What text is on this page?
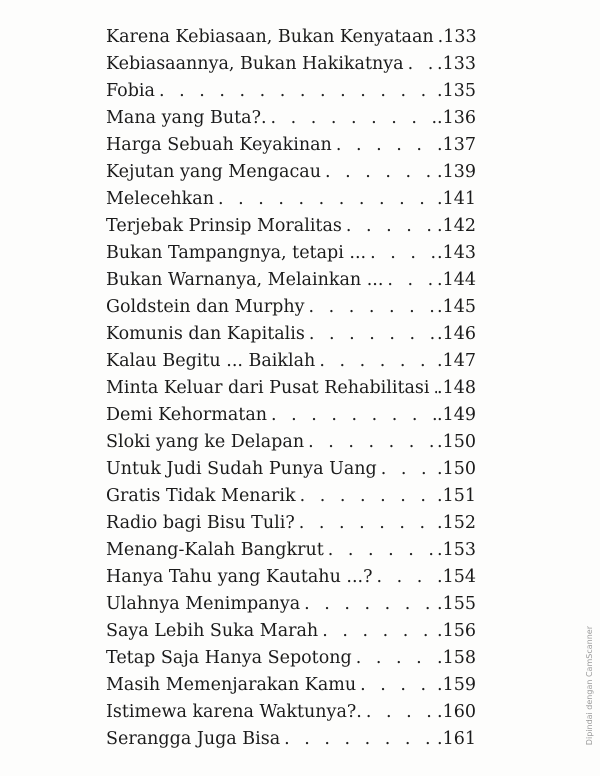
Karena Kebiasaan, Bukan Kenyataan . . . .133
Kebiasaannya, Bukan Hakikatnya . . . .133
Fobia . . .	.135
Mana yang Buta?. . . .	.136
Harga Sebuah Keyakinan . . .	.137
Kejutan yang Mengacau . . .	.139
Melecehkan . . .	.141
Terjebak Prinsip Moralitas . . .	.142
Bukan Tampangnya, tetapi ... . . .	.143
Bukan Warnanya, Melainkan ... . . .	.144
Goldstein dan Murphy . . .	.145
Komunis dan Kapitalis . . .	.146
Kalau Begitu ... Baiklah . . .	.147
Minta Keluar dari Pusat Rehabilitasi . . . .148
Demi Kehormatan . . .	.149
Sloki yang ke Delapan . . .	.150
Untuk Judi Sudah Punya Uang . . .	.150
Gratis Tidak Menarik . . .	.151
Radio bagi Bisu Tuli? . . .	.152
Menang-Kalah Bangkrut . . .	.153
Hanya Tahu yang Kautahu ...? . . .	.154
Ulahnya Menimpanya . . .	.155
Saya Lebih Suka Marah . . .	.156
Tetap Saja Hanya Sepotong . . .	.158
Masih Memenjarakan Kamu . . .	.159
Istimewa karena Waktunya?. . . .	.160
Serangga Juga Bisa . . .	.161	Dipindai dengan CamScanner
